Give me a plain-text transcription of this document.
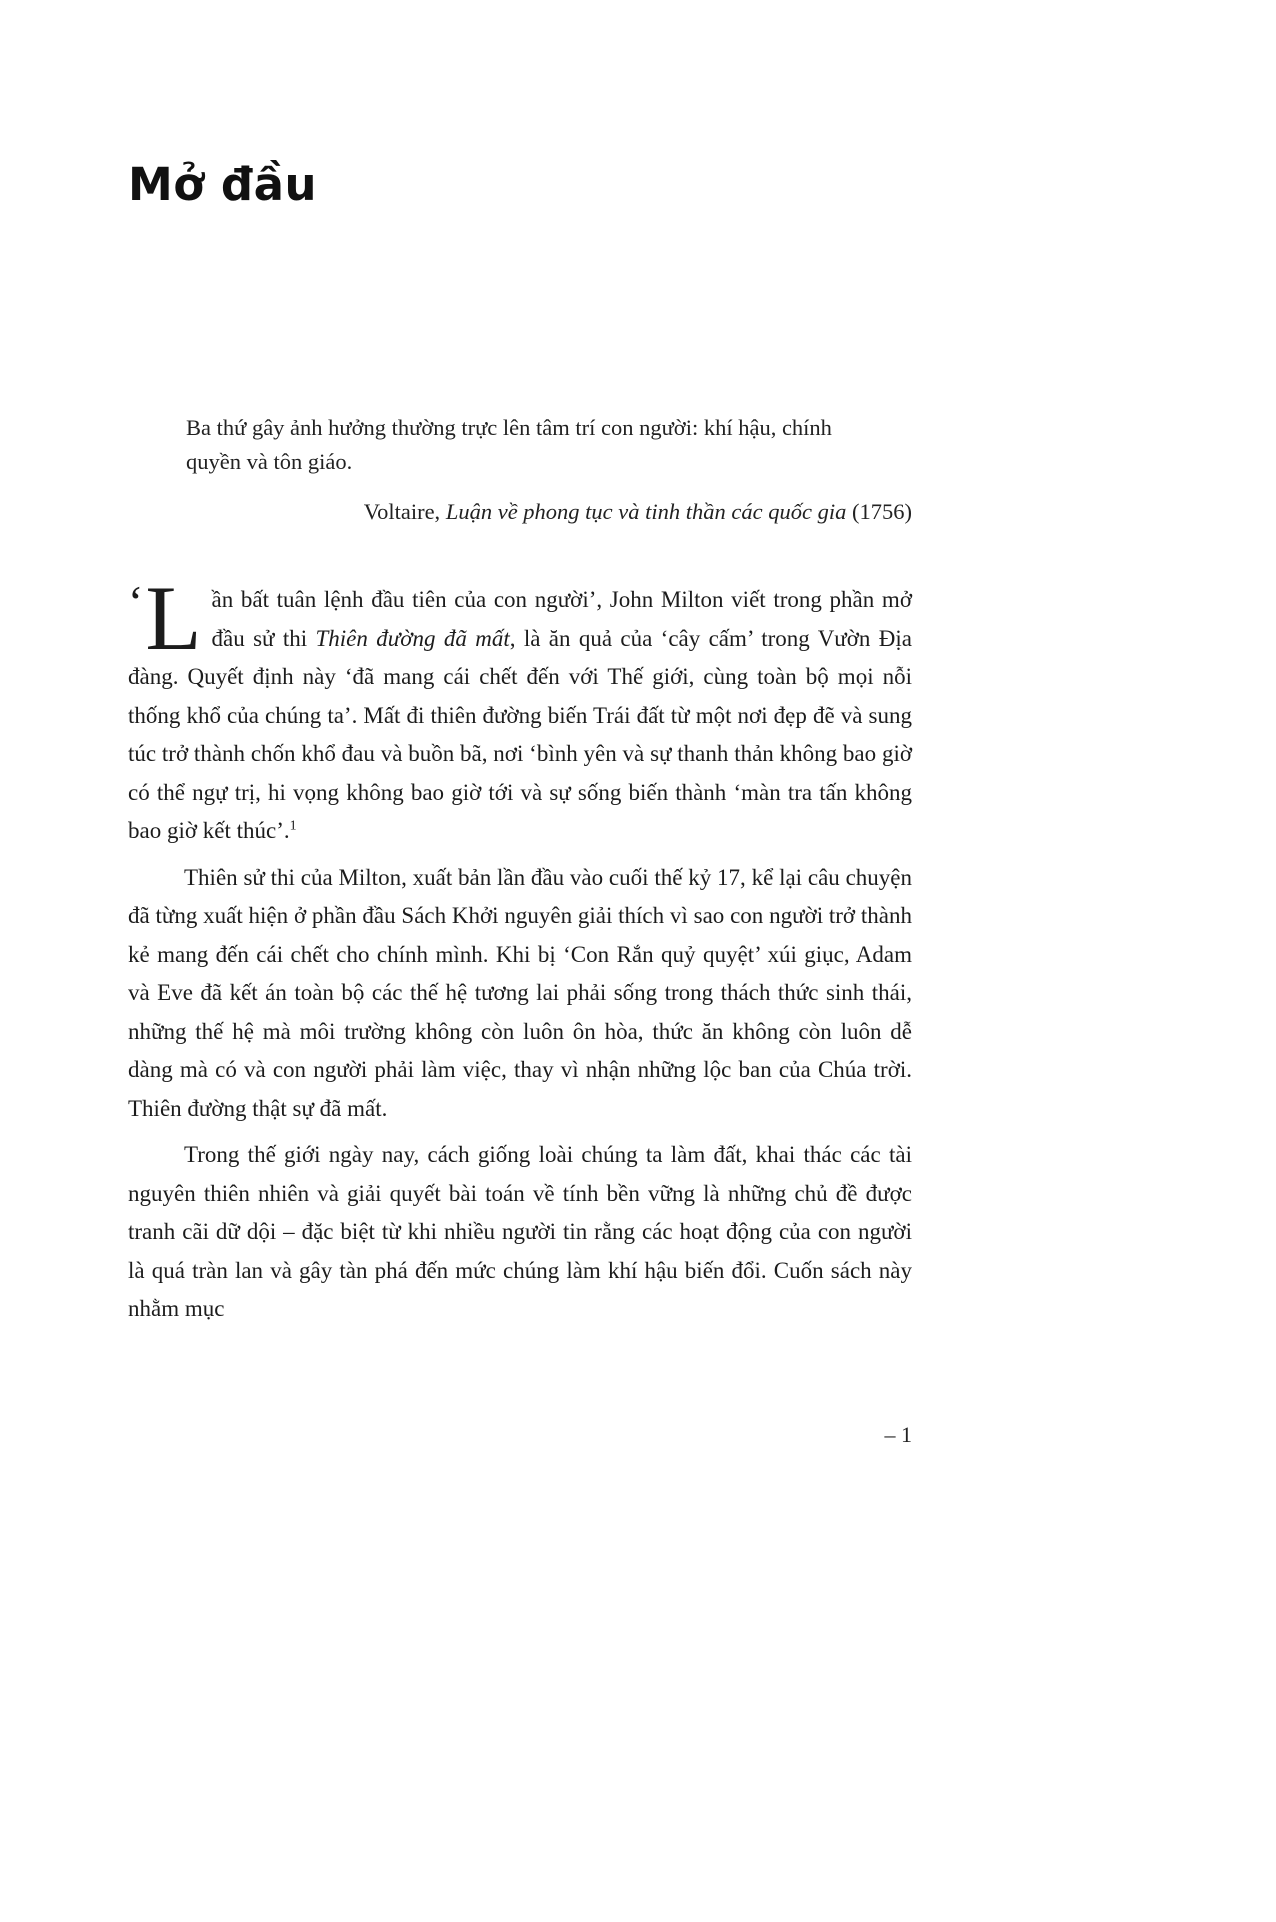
Mở đầu

Ba thứ gây ảnh hưởng thường trực lên tâm trí con người: khí hậu, chính quyền và tôn giáo.

Voltaire, Luận về phong tục và tinh thần các quốc gia (1756)

‘ L ần bất tuân lệnh đầu tiên của con người’, John Milton viết trong phần mở đầu sử thi Thiên đường đã mất, là ăn quả của ‘cây cấm’ trong Vườn Địa đàng. Quyết định này ‘đã mang cái chết đến với Thế giới, cùng toàn bộ mọi nỗi thống khổ của chúng ta’. Mất đi thiên đường biến Trái đất từ một nơi đẹp đẽ và sung túc trở thành chốn khổ đau và buồn bã, nơi ‘bình yên và sự thanh thản không bao giờ có thể ngự trị, hi vọng không bao giờ tới và sự sống biến thành ‘màn tra tấn không bao giờ kết thúc’.$^1$

Thiên sử thi của Milton, xuất bản lần đầu vào cuối thế kỷ 17, kể lại câu chuyện đã từng xuất hiện ở phần đầu Sách Khởi nguyên giải thích vì sao con người trở thành kẻ mang đến cái chết cho chính mình. Khi bị ‘Con Rắn quỷ quyệt’ xúi giục, Adam và Eve đã kết án toàn bộ các thế hệ tương lai phải sống trong thách thức sinh thái, những thế hệ mà môi trường không còn luôn ôn hòa, thức ăn không còn luôn dễ dàng mà có và con người phải làm việc, thay vì nhận những lộc ban của Chúa trời. Thiên đường thật sự đã mất.

Trong thế giới ngày nay, cách giống loài chúng ta làm đất, khai thác các tài nguyên thiên nhiên và giải quyết bài toán về tính bền vững là những chủ đề được tranh cãi dữ dội – đặc biệt từ khi nhiều người tin rằng các hoạt động của con người là quá tràn lan và gây tàn phá đến mức chúng làm khí hậu biến đổi. Cuốn sách này nhằm mục

– 1
